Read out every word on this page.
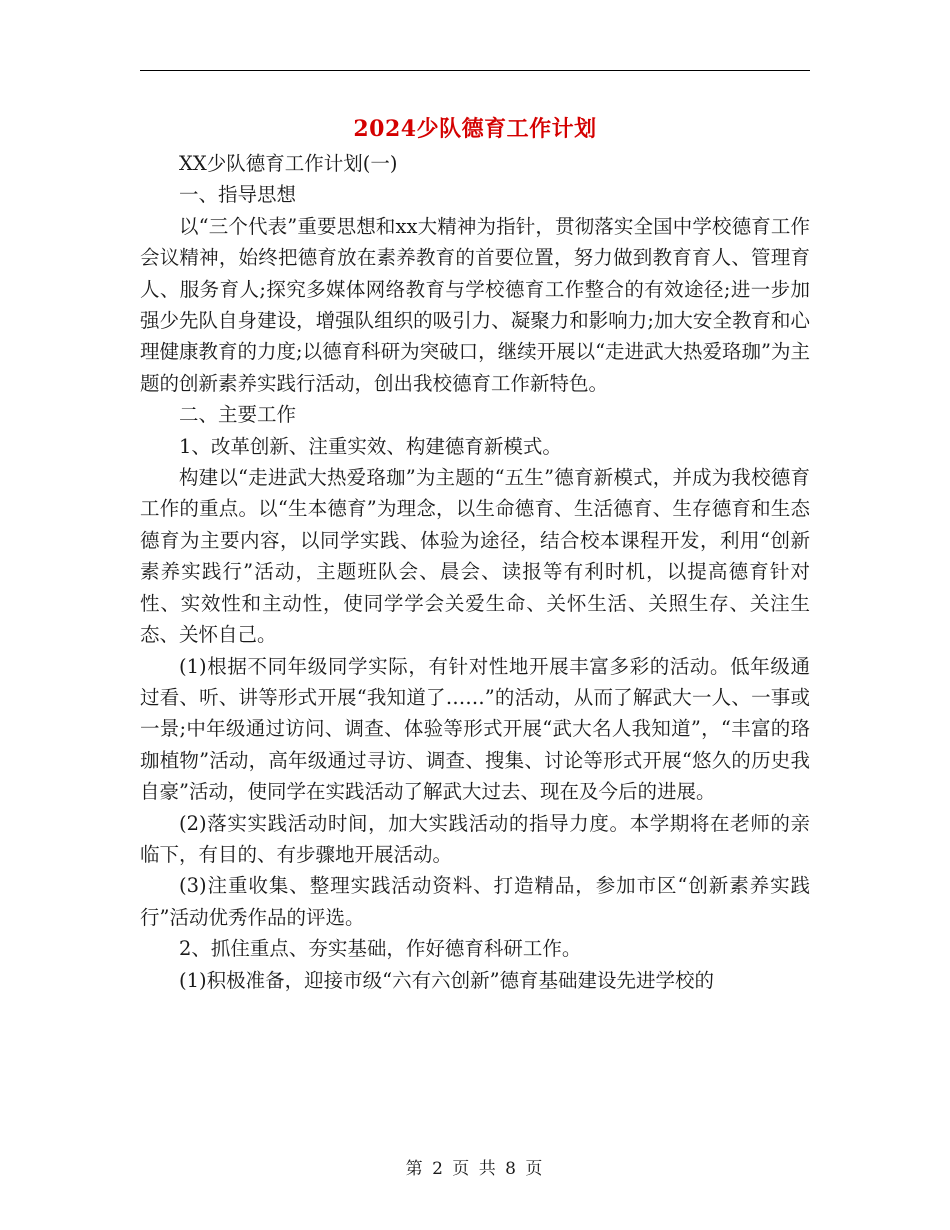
2024少队德育工作计划

XX少队德育工作计划(一)

一、指导思想

以“三个代表”重要思想和xx大精神为指针，贯彻落实全国中学校德育工作会议精神，始终把德育放在素养教育的首要位置，努力做到教育育人、管理育人、服务育人;探究多媒体网络教育与学校德育工作整合的有效途径;进一步加强少先队自身建设，增强队组织的吸引力、凝聚力和影响力;加大安全教育和心理健康教育的力度;以德育科研为突破口，继续开展以“走进武大热爱珞珈”为主题的创新素养实践行活动，创出我校德育工作新特色。

二、主要工作

1、改革创新、注重实效、构建德育新模式。

构建以“走进武大热爱珞珈”为主题的“五生”德育新模式，并成为我校德育工作的重点。以“生本德育”为理念，以生命德育、生活德育、生存德育和生态德育为主要内容，以同学实践、体验为途径，结合校本课程开发，利用“创新素养实践行”活动，主题班队会、晨会、读报等有利时机，以提高德育针对性、实效性和主动性，使同学学会关爱生命、关怀生活、关照生存、关注生态、关怀自己。

(1)根据不同年级同学实际，有针对性地开展丰富多彩的活动。低年级通过看、听、讲等形式开展“我知道了……”的活动，从而了解武大一人、一事或一景;中年级通过访问、调查、体验等形式开展“武大名人我知道”，“丰富的珞珈植物”活动，高年级通过寻访、调查、搜集、讨论等形式开展“悠久的历史我自豪”活动，使同学在实践活动了解武大过去、现在及今后的进展。

(2)落实实践活动时间，加大实践活动的指导力度。本学期将在老师的亲临下，有目的、有步骤地开展活动。

(3)注重收集、整理实践活动资料、打造精品，参加市区“创新素养实践行”活动优秀作品的评选。

2、抓住重点、夯实基础，作好德育科研工作。

(1)积极准备，迎接市级“六有六创新”德育基础建设先进学校的

第 2 页 共 8 页
